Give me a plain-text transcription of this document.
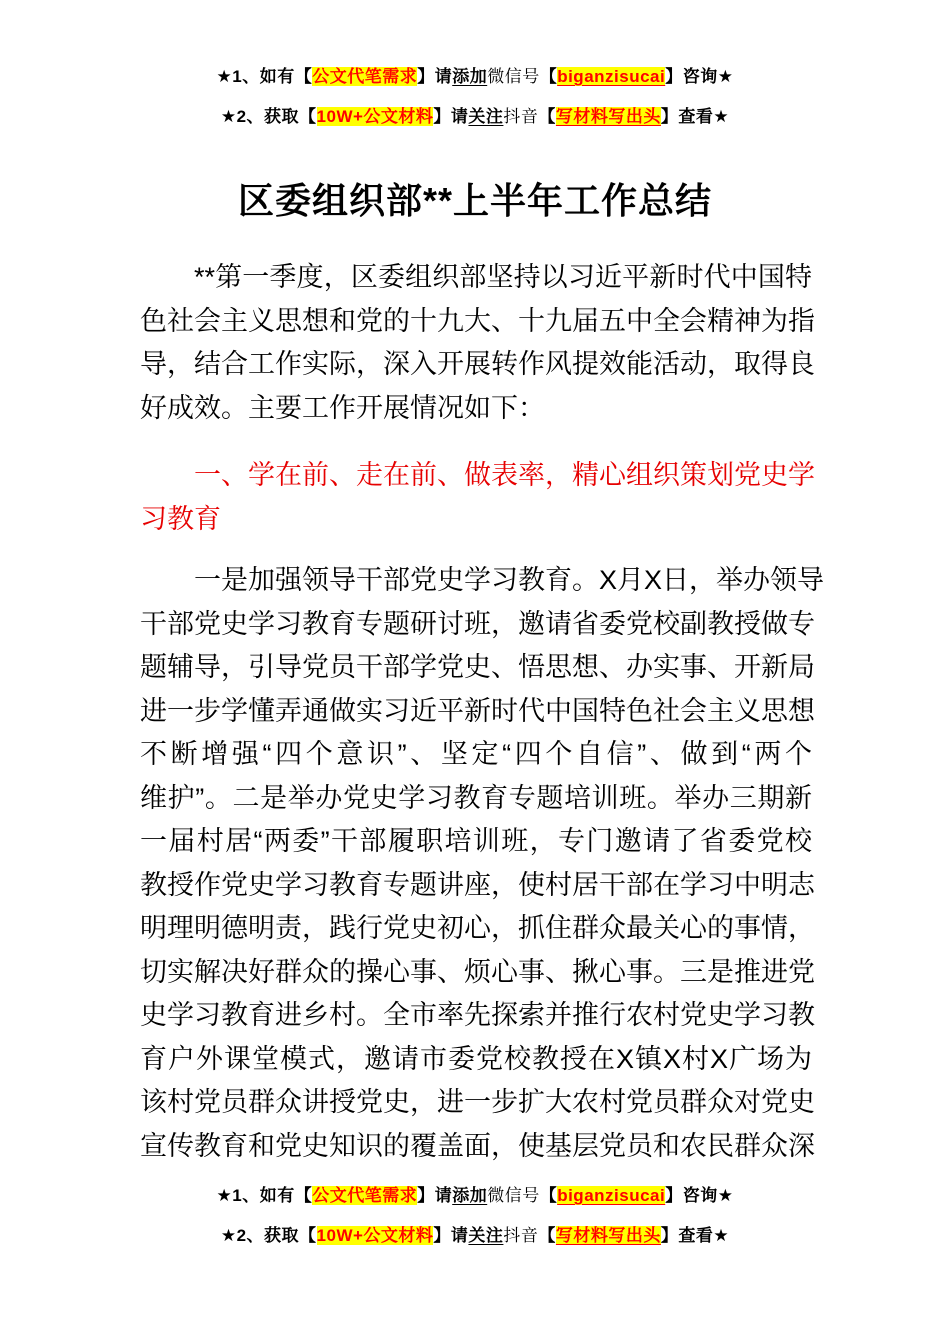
★1、如有【公文代笔需求】请添加微信号【biganzisucai】咨询★
★2、获取【10W+公文材料】请关注抖音【写材料写出头】查看★
区委组织部**上半年工作总结
**第一季度，区委组织部坚持以习近平新时代中国特
色社会主义思想和党的十九大、十九届五中全会精神为指
导，结合工作实际，深入开展转作风提效能活动，取得良
好成效。主要工作开展情况如下：
一、学在前、走在前、做表率，精心组织策划党史学
习教育
一是加强领导干部党史学习教育。X月X日，举办领导
干部党史学习教育专题研讨班，邀请省委党校副教授做专
题辅导，引导党员干部学党史、悟思想、办实事、开新局
进一步学懂弄通做实习近平新时代中国特色社会主义思想
不断增强“四个意识”、坚定“四个自信”、做到“两个
维护”。二是举办党史学习教育专题培训班。举办三期新
一届村居“两委”干部履职培训班，专门邀请了省委党校
教授作党史学习教育专题讲座，使村居干部在学习中明志
明理明德明责，践行党史初心，抓住群众最关心的事情，
切实解决好群众的操心事、烦心事、揪心事。三是推进党
史学习教育进乡村。全市率先探索并推行农村党史学习教
育户外课堂模式，邀请市委党校教授在X镇X村X广场为
该村党员群众讲授党史，进一步扩大农村党员群众对党史
宣传教育和党史知识的覆盖面，使基层党员和农民群众深
★1、如有【公文代笔需求】请添加微信号【biganzisucai】咨询★
★2、获取【10W+公文材料】请关注抖音【写材料写出头】查看★
